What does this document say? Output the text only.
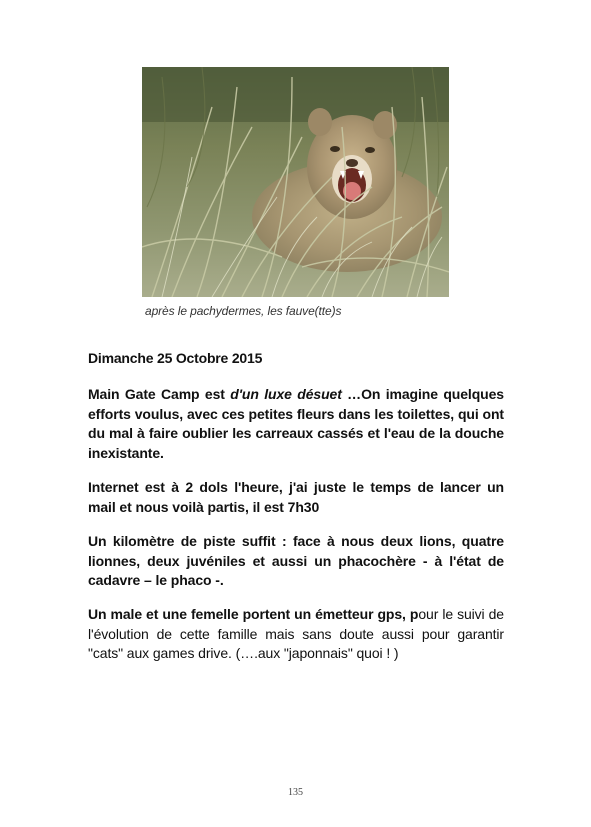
après le pachydermes, les fauve(tte)s
Dimanche 25 Octobre 2015
Main Gate Camp est d'un luxe désuet …On imagine quelques efforts voulus, avec ces petites fleurs dans les toilettes, qui ont du mal à faire oublier les carreaux cassés et l'eau de la douche inexistante.
Internet est à 2 dols l'heure, j'ai juste le temps de lancer un mail et nous voilà partis, il est 7h30
Un kilomètre de piste suffit : face à nous deux lions, quatre lionnes, deux juvéniles et aussi un phacochère - à l'état de cadavre – le phaco -.
Un male et une femelle portent un émetteur gps, pour le suivi de l'évolution de cette famille mais sans doute aussi pour garantir "cats" aux games drive. (….aux "japonnais" quoi ! )
135
